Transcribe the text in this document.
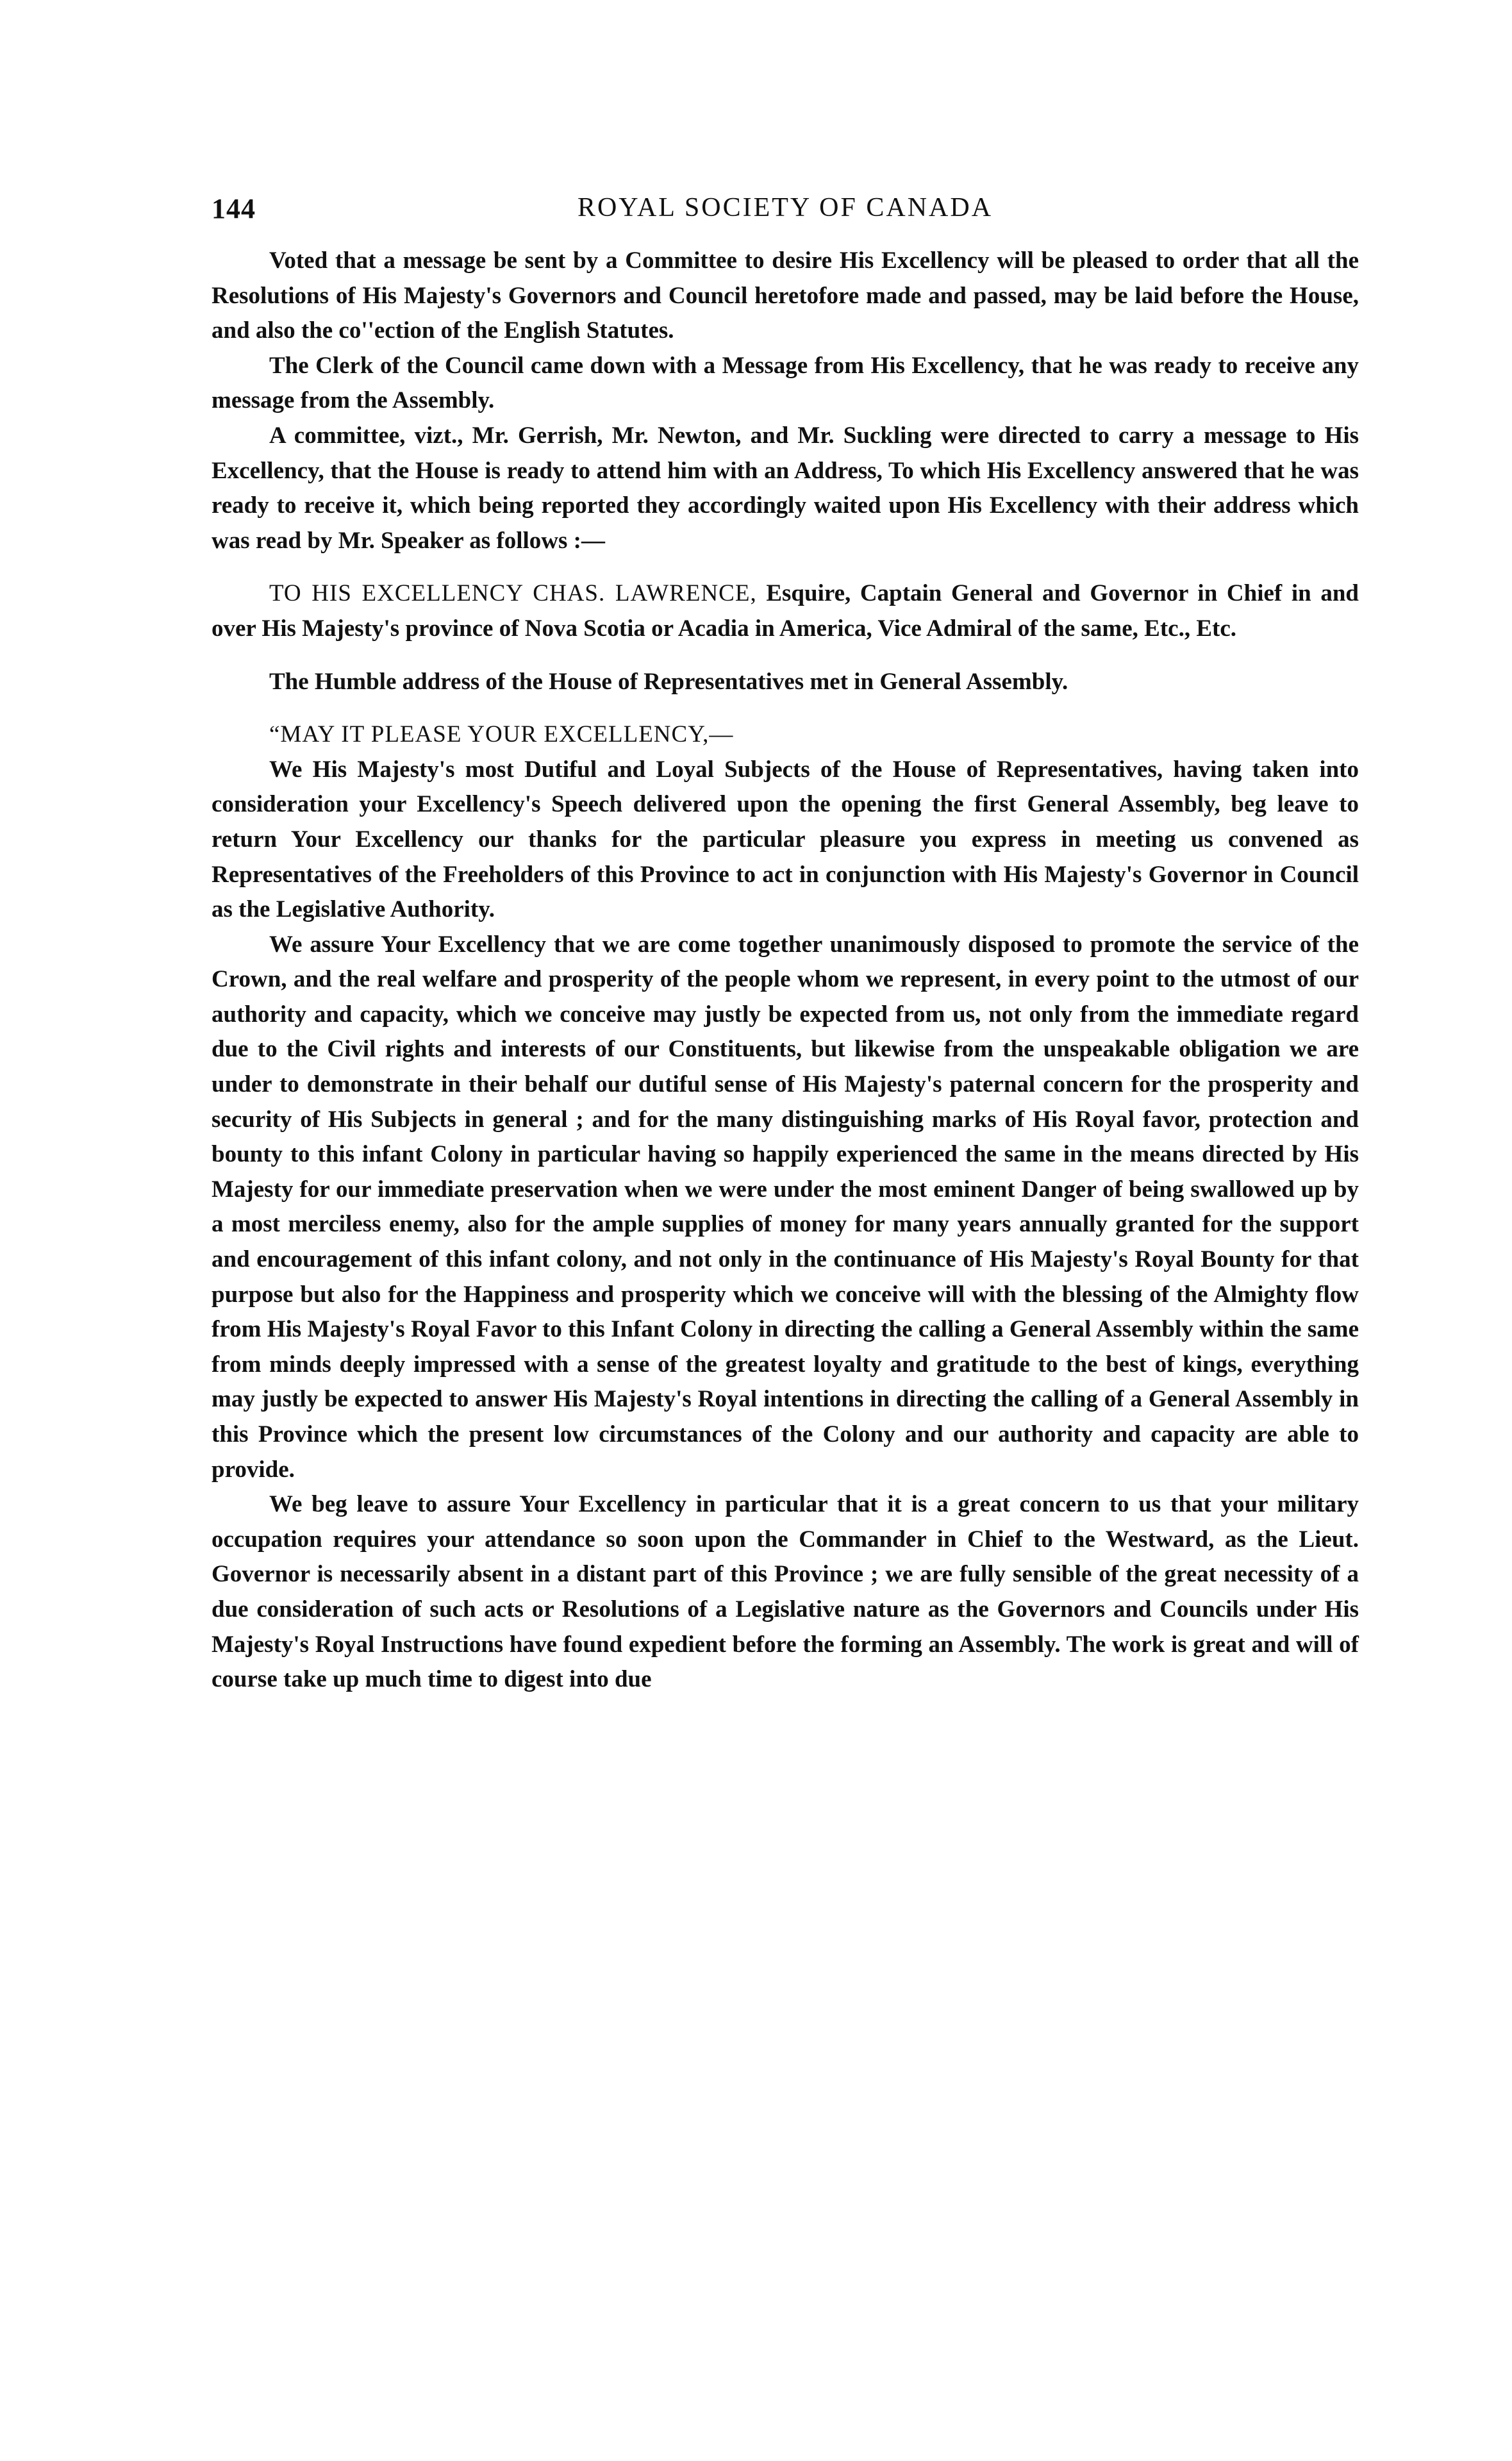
144	ROYAL SOCIETY OF CANADA

Voted that a message be sent by a Committee to desire His Excellency will be pleased to order that all the Resolutions of His Majesty's Governors and Council heretofore made and passed, may be laid before the House, and also the co''ection of the English Statutes.

The Clerk of the Council came down with a Message from His Excellency, that he was ready to receive any message from the Assembly.

A committee, vizt., Mr. Gerrish, Mr. Newton, and Mr. Suckling were directed to carry a message to His Excellency, that the House is ready to attend him with an Address, To which His Excellency answered that he was ready to receive it, which being reported they accordingly waited upon His Excellency with their address which was read by Mr. Speaker as follows :—

TO HIS EXCELLENCY CHAS. LAWRENCE, Esquire, Captain General and Governor in Chief in and over His Majesty's province of Nova Scotia or Acadia in America, Vice Admiral of the same, Etc., Etc.

The Humble address of the House of Representatives met in General Assembly.

“MAY IT PLEASE YOUR EXCELLENCY,—

We His Majesty's most Dutiful and Loyal Subjects of the House of Representatives, having taken into consideration your Excellency's Speech delivered upon the opening the first General Assembly, beg leave to return Your Excellency our thanks for the particular pleasure you express in meeting us convened as Representatives of the Freeholders of this Province to act in conjunction with His Majesty's Governor in Council as the Legislative Authority.

We assure Your Excellency that we are come together unanimously disposed to promote the service of the Crown, and the real welfare and prosperity of the people whom we represent, in every point to the utmost of our authority and capacity, which we conceive may justly be expected from us, not only from the immediate regard due to the Civil rights and interests of our Constituents, but likewise from the unspeakable obligation we are under to demonstrate in their behalf our dutiful sense of His Majesty's paternal concern for the prosperity and security of His Subjects in general ; and for the many distinguishing marks of His Royal favor, protection and bounty to this infant Colony in particular having so happily experienced the same in the means directed by His Majesty for our immediate preservation when we were under the most eminent Danger of being swallowed up by a most merciless enemy, also for the ample supplies of money for many years annually granted for the support and encouragement of this infant colony, and not only in the continuance of His Majesty's Royal Bounty for that purpose but also for the Happiness and prosperity which we conceive will with the blessing of the Almighty flow from His Majesty's Royal Favor to this Infant Colony in directing the calling a General Assembly within the same from minds deeply impressed with a sense of the greatest loyalty and gratitude to the best of kings, everything may justly be expected to answer His Majesty's Royal intentions in directing the calling of a General Assembly in this Province which the present low circumstances of the Colony and our authority and capacity are able to provide.

We beg leave to assure Your Excellency in particular that it is a great concern to us that your military occupation requires your attendance so soon upon the Commander in Chief to the Westward, as the Lieut. Governor is necessarily absent in a distant part of this Province ; we are fully sensible of the great necessity of a due consideration of such acts or Resolutions of a Legislative nature as the Governors and Councils under His Majesty's Royal Instructions have found expedient before the forming an Assembly. The work is great and will of course take up much time to digest into due
